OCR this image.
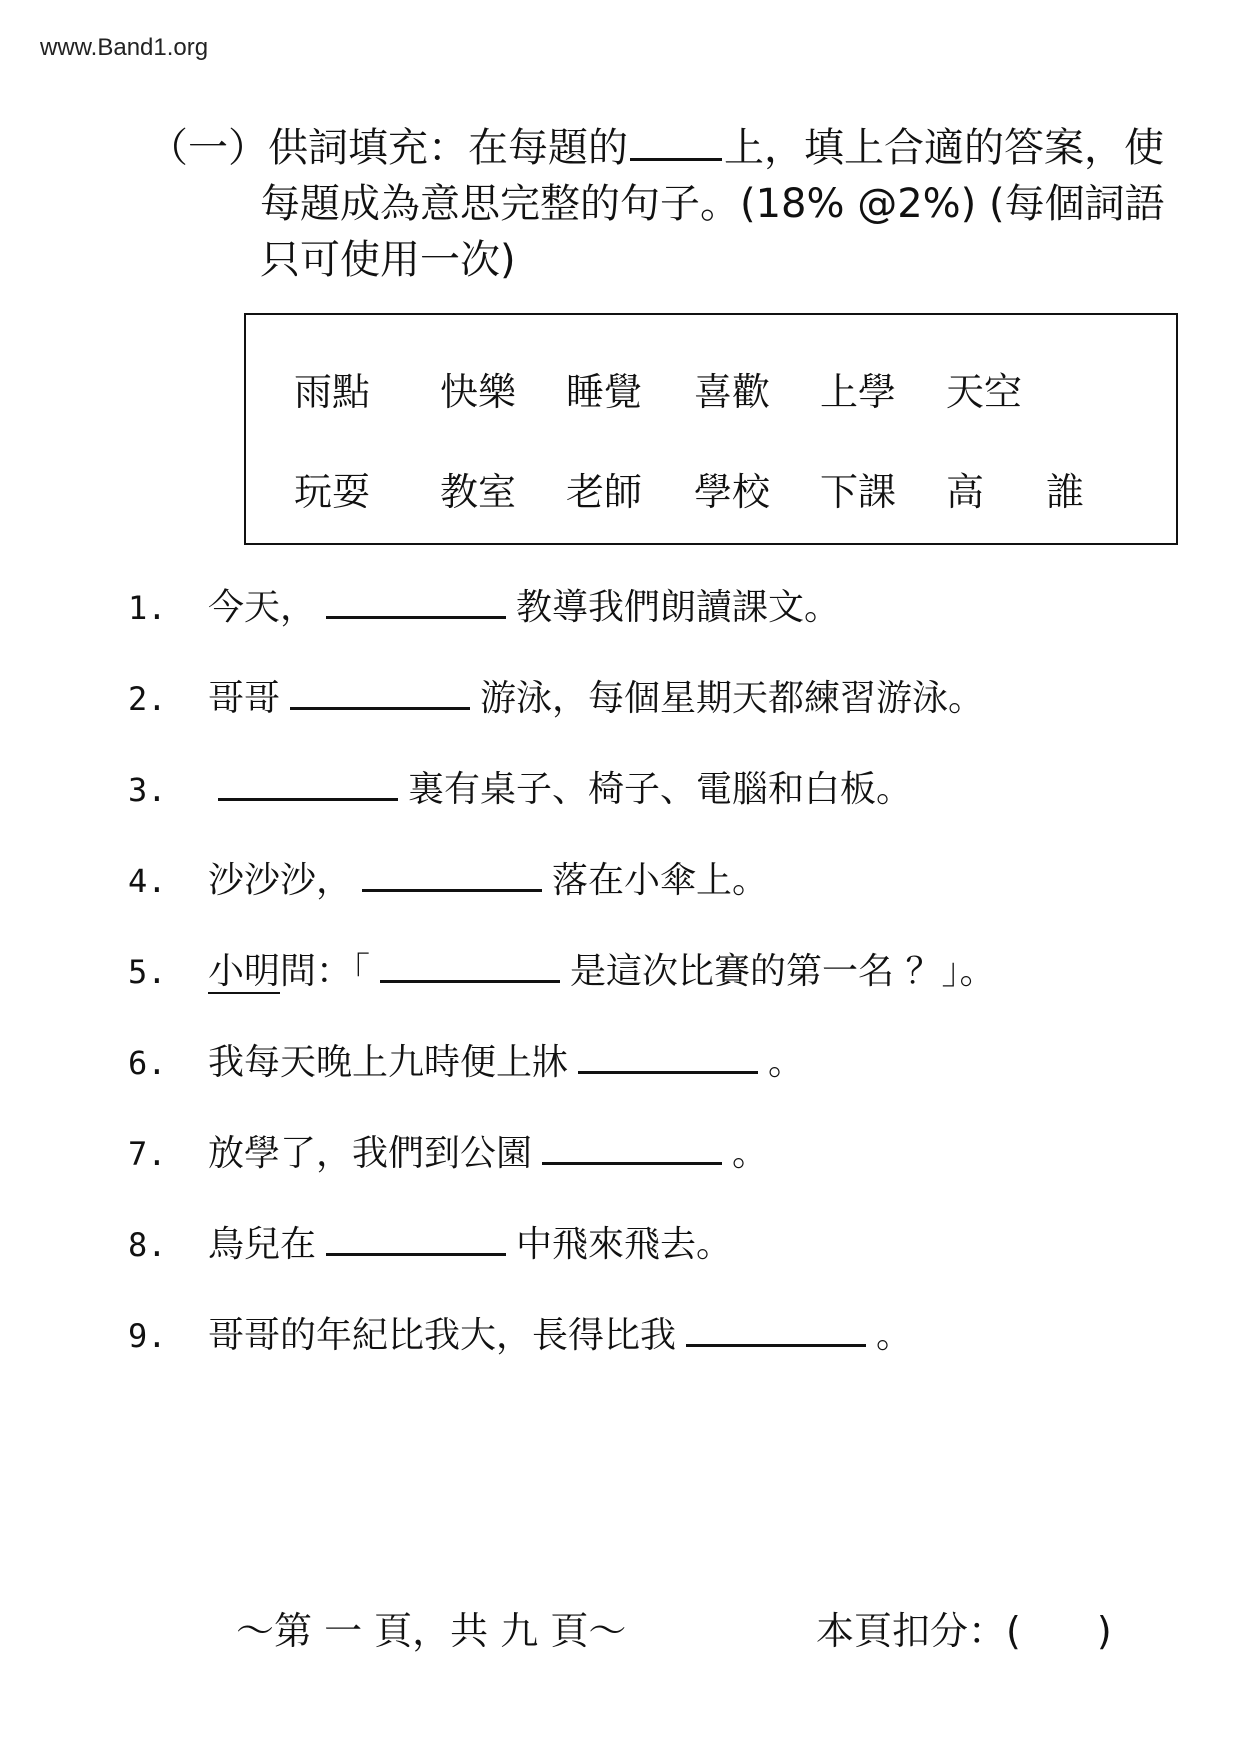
www.Band1.org
（一）供詞填充：在每題的 上，填上合適的答案，使
每題成為意思完整的句子。(18% @2%) (每個詞語
只可使用一次)
雨點 快樂 睡覺 喜歡 上學 天空
玩耍 教室 老師 學校 下課 高 誰
1. 今天，	教導我們朗讀課文。
2. 哥哥	游泳，每個星期天都練習游泳。
3.	裏有桌子、椅子、電腦和白板。
4. 沙沙沙，	落在小傘上。
5. 小明問：「	是這次比賽的第一名 ？」。
6. 我每天晚上九時便上牀	。
7. 放學了，我們到公園	。
8. 鳥兒在	中飛來飛去。
9. 哥哥的年紀比我大，長得比我	。
～第 一 頁，共 九 頁～	本頁扣分：(　　)
